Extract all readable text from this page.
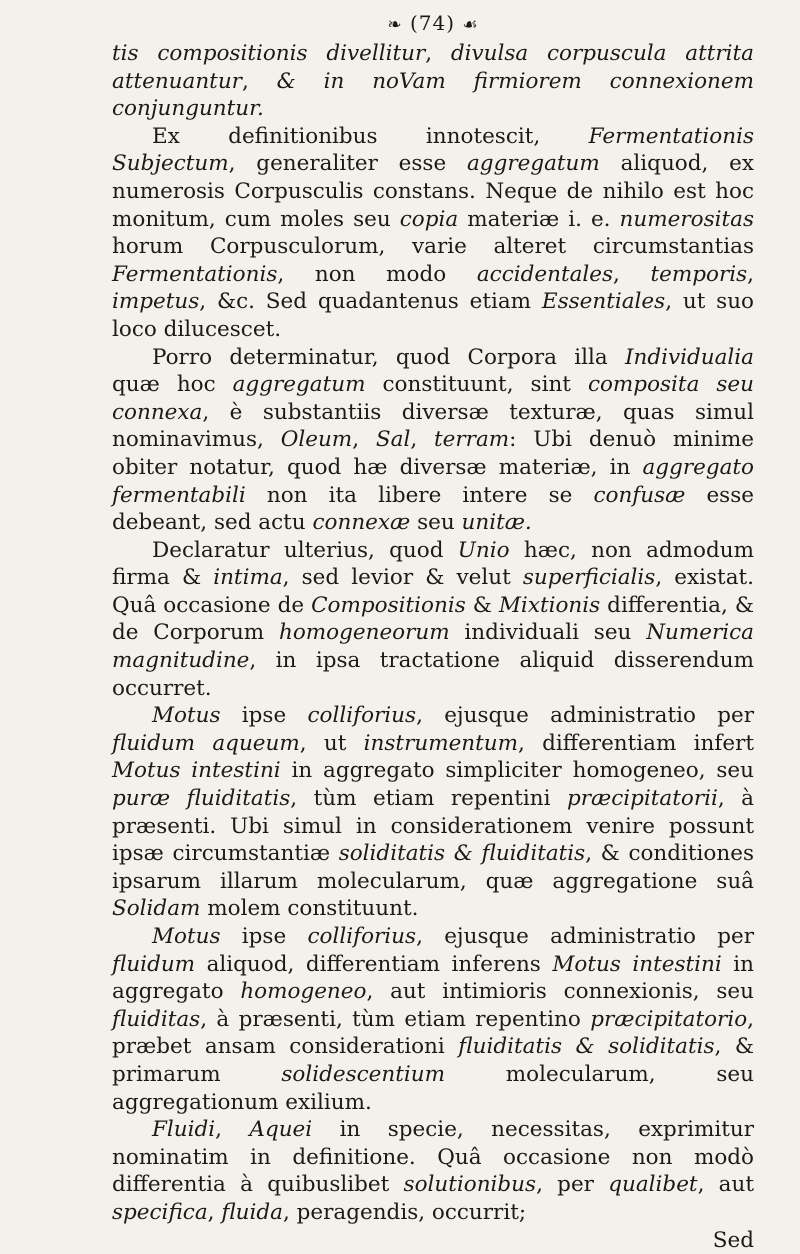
❧ (74) ☙

tis compositionis divellitur, divulsa corpuscula attrita attenuantur, & in noVam firmiorem connexionem conjunguntur.

Ex definitionibus innotescit, Fermentationis Subjectum, generaliter esse aggregatum aliquod, ex numerosis Corpusculis constans. Neque de nihilo est hoc monitum, cum moles seu copia materiæ i. e. numerositas horum Corpusculorum, varie alteret circumstantias Fermentationis, non modo accidentales, temporis, impetus, &c. Sed quadantenus etiam Essentiales, ut suo loco dilucescet.

Porro determinatur, quod Corpora illa Individualia quæ hoc aggregatum constituunt, sint composita seu connexa, è substantiis diversæ texturæ, quas simul nominavimus, Oleum, Sal, terram: Ubi denuò minime obiter notatur, quod hæ diversæ materiæ, in aggregato fermentabili non ita libere intere se confusæ esse debeant, sed actu connexæ seu unitæ.

Declaratur ulterius, quod Unio hæc, non admodum firma & intima, sed levior & velut superficialis, existat. Quâ occasione de Compositionis & Mixtionis differentia, & de Corporum homogeneorum individuali seu Numerica magnitudine, in ipsa tractatione aliquid disserendum occurret.

Motus ipse colliforius, ejusque administratio per fluidum aqueum, ut instrumentum, differentiam infert Motus intestini in aggregato simpliciter homogeneo, seu puræ fluiditatis, tùm etiam repentini præcipitatorii, à præsenti. Ubi simul in considerationem venire possunt ipsæ circumstantiæ soliditatis & fluiditatis, & conditiones ipsarum illarum molecularum, quæ aggregatione suâ Solidam molem constituunt.

Motus ipse colliforius, ejusque administratio per fluidum aliquod, differentiam inferens Motus intestini in aggregato homogeneo, aut intimioris connexionis, seu fluiditas, à præsenti, tùm etiam repentino præcipitatorio, præbet ansam considerationi fluiditatis & soliditatis, & primarum solidescentium molecularum, seu aggregationum exilium.

Fluidi, Aquei in specie, necessitas, exprimitur nominatim in definitione. Quâ occasione non modò differentia à quibuslibet solutionibus, per qualibet, aut specifica, fluida, peragendis, occurrit;

Sed
